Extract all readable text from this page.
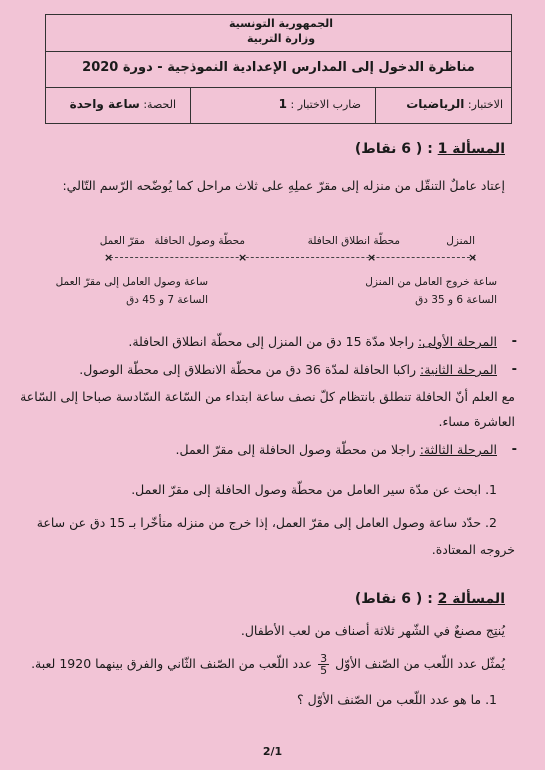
الجمهورية التونسية
وزارة التربية
مناظرة الدخول إلى المدارس الإعدادية النموذجية - دورة 2020
الاختبار: الرياضيات
ضارب الاختبار : 1
الحصة: ساعة واحدة
المسألة 1 : ( 6 نقاط)
إعتاد عاملٌ التنقّل من منزله إلى مقرّ عملِهِ على ثلاث مراحل كما يُوضّحه الرّسم التّالي:
المنزل
محطّة انطلاق الحافلة
محطّة وصول الحافلة
مقرّ العمل
×	×	×	×
ساعة خروج العامل من المنزل
الساعة 6 و 35 دق
ساعة وصول العامل إلى مقرّ العمل
الساعة 7 و 45 دق
-
المرحلة الأولى: راجلا مدّة 15 دق من المنزل إلى محطّة انطلاق الحافلة.
-
المرحلة الثانية: راكبا الحافلة لمدّة 36 دق من محطّة الانطلاق إلى محطّة الوصول.
مع العلم أنّ الحافلة تنطلق بانتظام كلّ نصف ساعة ابتداء من السّاعة السّادسة صباحا إلى السّاعة
العاشرة مساء.
-
المرحلة الثالثة: راجلا من محطّة وصول الحافلة إلى مقرّ العمل.
1. ابحث عن مدّة سير العامل من محطّة وصول الحافلة إلى مقرّ العمل.
2. حدّد ساعة وصول العامل إلى مقرّ العمل، إذا خرج من منزله متأخّرا بـ 15 دق عن ساعة
خروجه المعتادة.
المسألة 2 : ( 6 نقاط)
يُنتِج مصنعٌ في الشّهر ثلاثة أصناف من لعب الأطفال.
يُمثّل عدد اللّعب من الصّنف الأوّل
$\frac{3}{5}$
عدد اللّعب من الصّنف الثّاني والفرق بينهما 1920 لعبة.
1. ما هو عدد اللّعب من الصّنف الأوّل ؟
2/1
